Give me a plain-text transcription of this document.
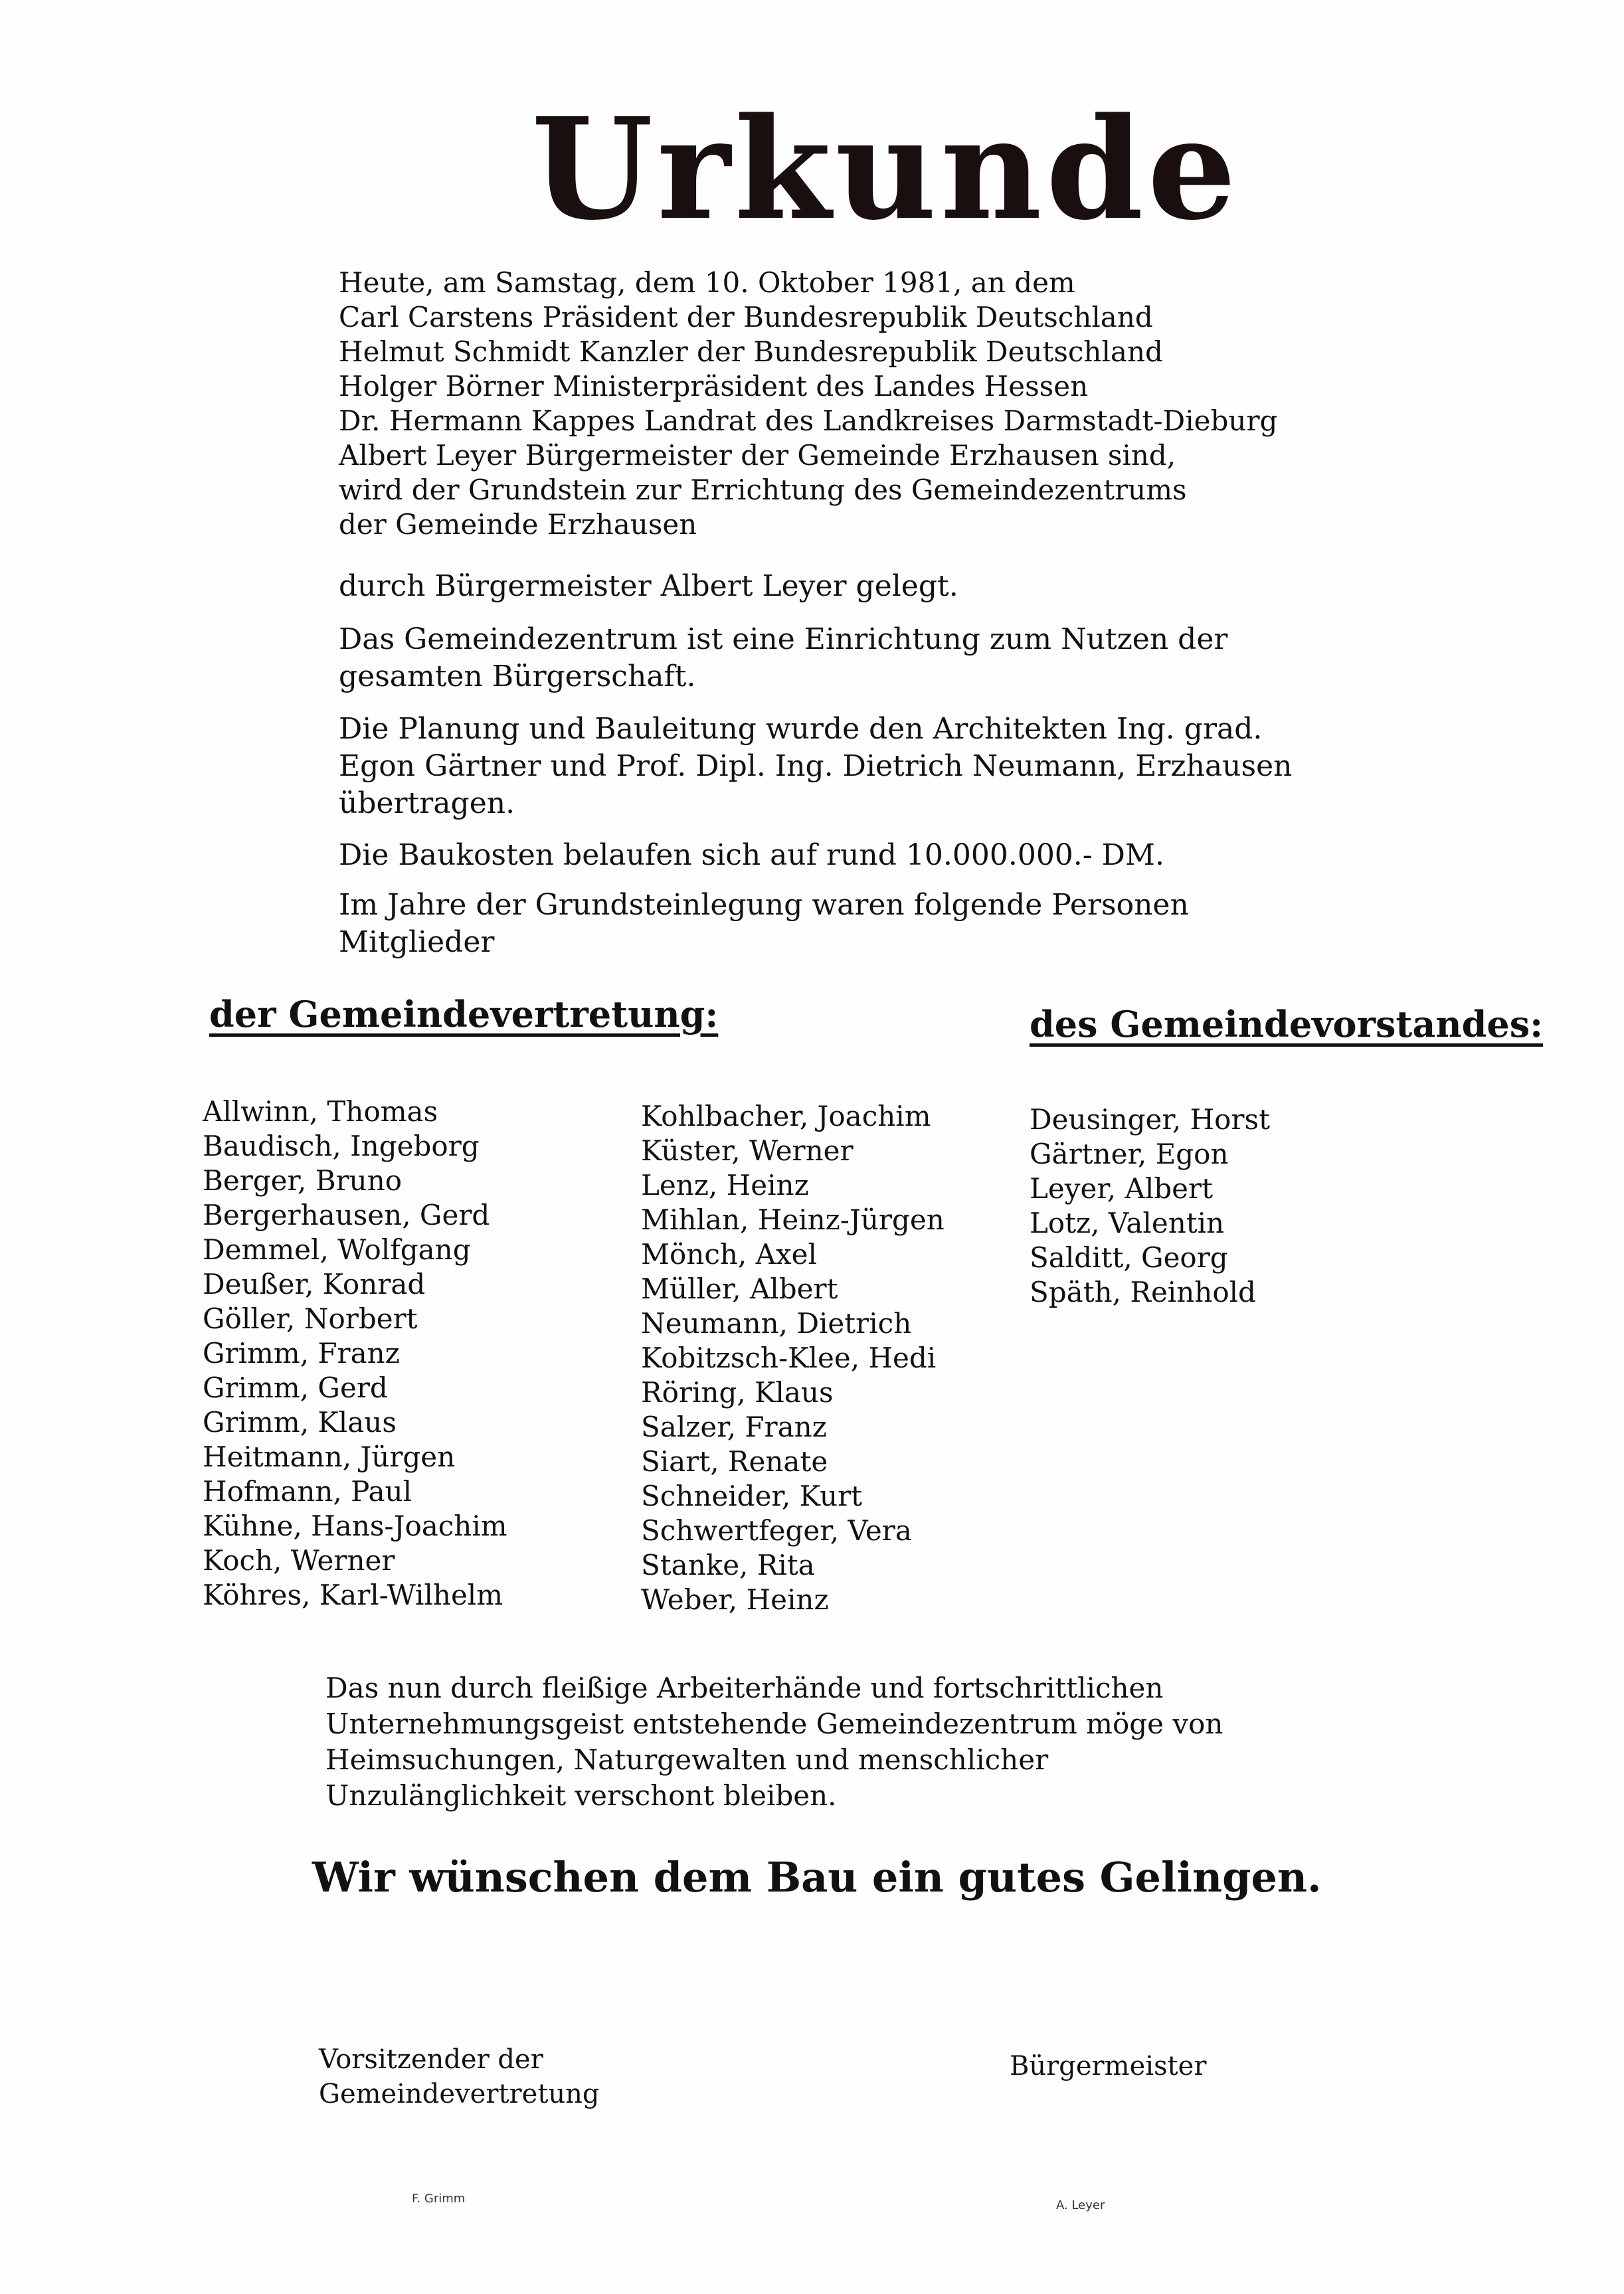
Urkunde
Heute, am Samstag, dem 10. Oktober 1981, an dem
Carl Carstens Präsident der Bundesrepublik Deutschland
Helmut Schmidt Kanzler der Bundesrepublik Deutschland
Holger Börner Ministerpräsident des Landes Hessen
Dr. Hermann Kappes Landrat des Landkreises Darmstadt-Dieburg
Albert Leyer Bürgermeister der Gemeinde Erzhausen sind,
wird der Grundstein zur Errichtung des Gemeindezentrums
der Gemeinde Erzhausen
durch Bürgermeister Albert Leyer gelegt.
Das Gemeindezentrum ist eine Einrichtung zum Nutzen der gesamten Bürgerschaft.
Die Planung und Bauleitung wurde den Architekten Ing. grad. Egon Gärtner und Prof. Dipl. Ing. Dietrich Neumann, Erzhausen übertragen.
Die Baukosten belaufen sich auf rund 10.000.000.- DM.
Im Jahre der Grundsteinlegung waren folgende Personen Mitglieder
der Gemeindevertretung:	des Gemeindevorstandes:
Allwinn, Thomas
Baudisch, Ingeborg
Berger, Bruno
Bergerhausen, Gerd
Demmel, Wolfgang
Deußer, Konrad
Göller, Norbert
Grimm, Franz
Grimm, Gerd
Grimm, Klaus
Heitmann, Jürgen
Hofmann, Paul
Kühne, Hans-Joachim
Koch, Werner
Köhres, Karl-Wilhelm
Kohlbacher, Joachim
Küster, Werner
Lenz, Heinz
Mihlan, Heinz-Jürgen
Mönch, Axel
Müller, Albert
Neumann, Dietrich
Kobitzsch-Klee, Hedi
Röring, Klaus
Salzer, Franz
Siart, Renate
Schneider, Kurt
Schwertfeger, Vera
Stanke, Rita
Weber, Heinz
Deusinger, Horst
Gärtner, Egon
Leyer, Albert
Lotz, Valentin
Salditt, Georg
Späth, Reinhold
Das nun durch fleißige Arbeiterhände und fortschrittlichen Unternehmungsgeist entstehende Gemeindezentrum möge von Heimsuchungen, Naturgewalten und menschlicher Unzulänglichkeit verschont bleiben.
Wir wünschen dem Bau ein gutes Gelingen.
Vorsitzender der
Gemeindevertretung
Bürgermeister
F. Grimm	A. Leyer
